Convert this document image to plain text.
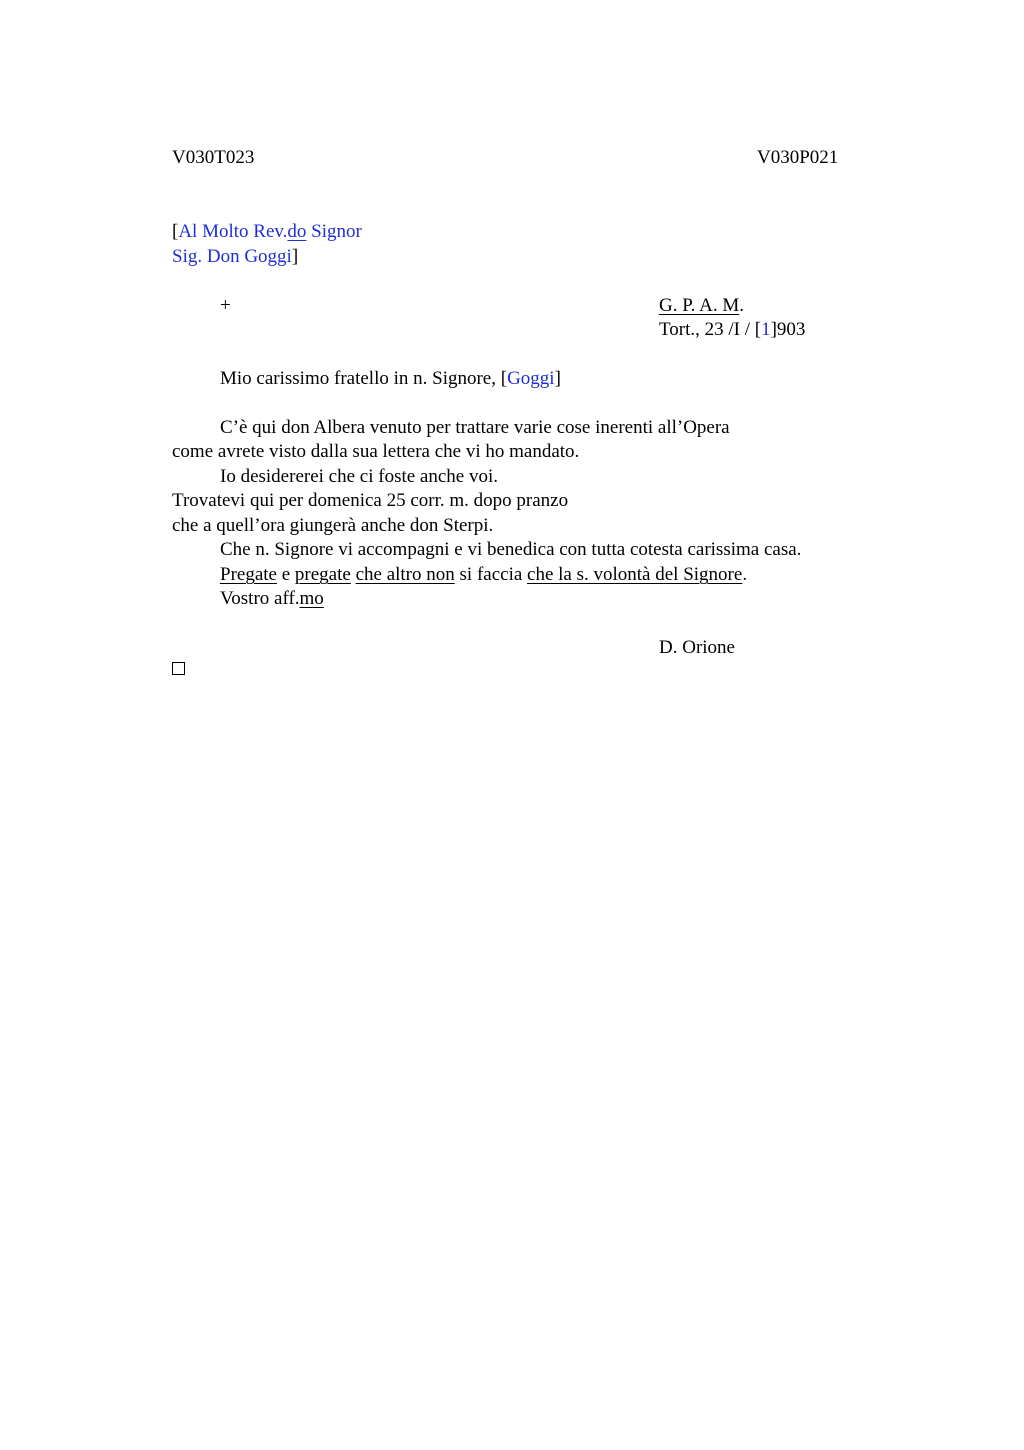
V030T023	V030P021
[Al Molto Rev.do Signor
Sig. Don Goggi]
+	G. P. A. M.
Tort., 23 /I / [1]903
Mio carissimo fratello in n. Signore, [Goggi]
C’è qui don Albera venuto per trattare varie cose inerenti all’Opera
come avrete visto dalla sua lettera che vi ho mandato.
Io desidererei che ci foste anche voi.
Trovatevi qui per domenica 25 corr. m. dopo pranzo
che a quell’ora giungerà anche don Sterpi.
Che n. Signore vi accompagni e vi benedica con tutta cotesta carissima casa.
Pregate e pregate che altro non si faccia che la s. volontà del Signore.
Vostro aff.mo
D. Orione
